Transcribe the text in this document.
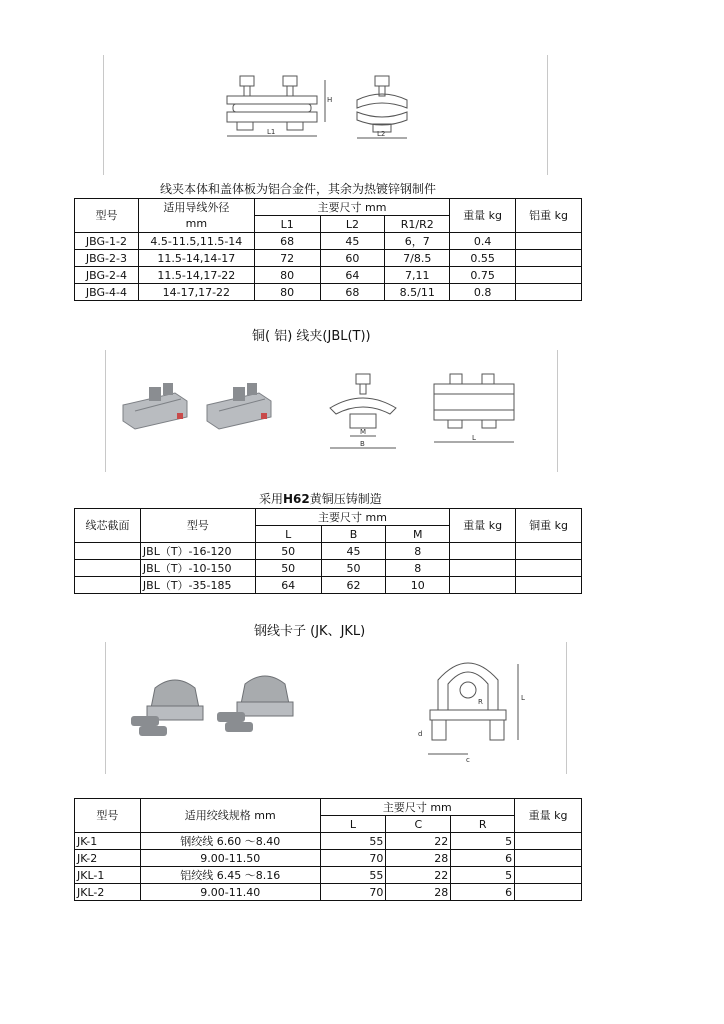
L1
H
L2
线夹本体和盖体板为铝合金件，其余为热镀锌钢制件
型号	适用导线外径	主要尺寸 mm			重量 kg	铝重 kg
	mm	L1	L2	R1/R2		
JBG-1-2	4.5-11.5,11.5-14	68	45	6，7	0.4	
JBG-2-3	11.5-14,14-17	72	60	7/8.5	0.55	
JBG-2-4	11.5-14,17-22	80	64	7,11	0.75	
JBG-4-4	14-17,17-22	80	68	8.5/11	0.8	
铜( 铝) 线夹(JBL(T))
M
B
L
采用H62黄铜压铸制造
线芯截面	型号	主要尺寸 mm			重量 kg	铜重 kg
		L	B	M		
	JBL（T）-16-120	50	45	8		
	JBL（T）-10-150	50	50	8		
	JBL（T）-35-185	64	62	10		
钢线卡子 (JK、JKL)
R	L
d
c
型号	适用绞线规格 mm	主要尺寸 mm			重量 kg
		L	C	R	
JK-1	钢绞线 6.60 ～8.40	55	22	5	
JK-2	9.00-11.50	70	28	6	
JKL-1	铝绞线 6.45 ～8.16	55	22	5	
JKL-2	9.00-11.40	70	28	6	
